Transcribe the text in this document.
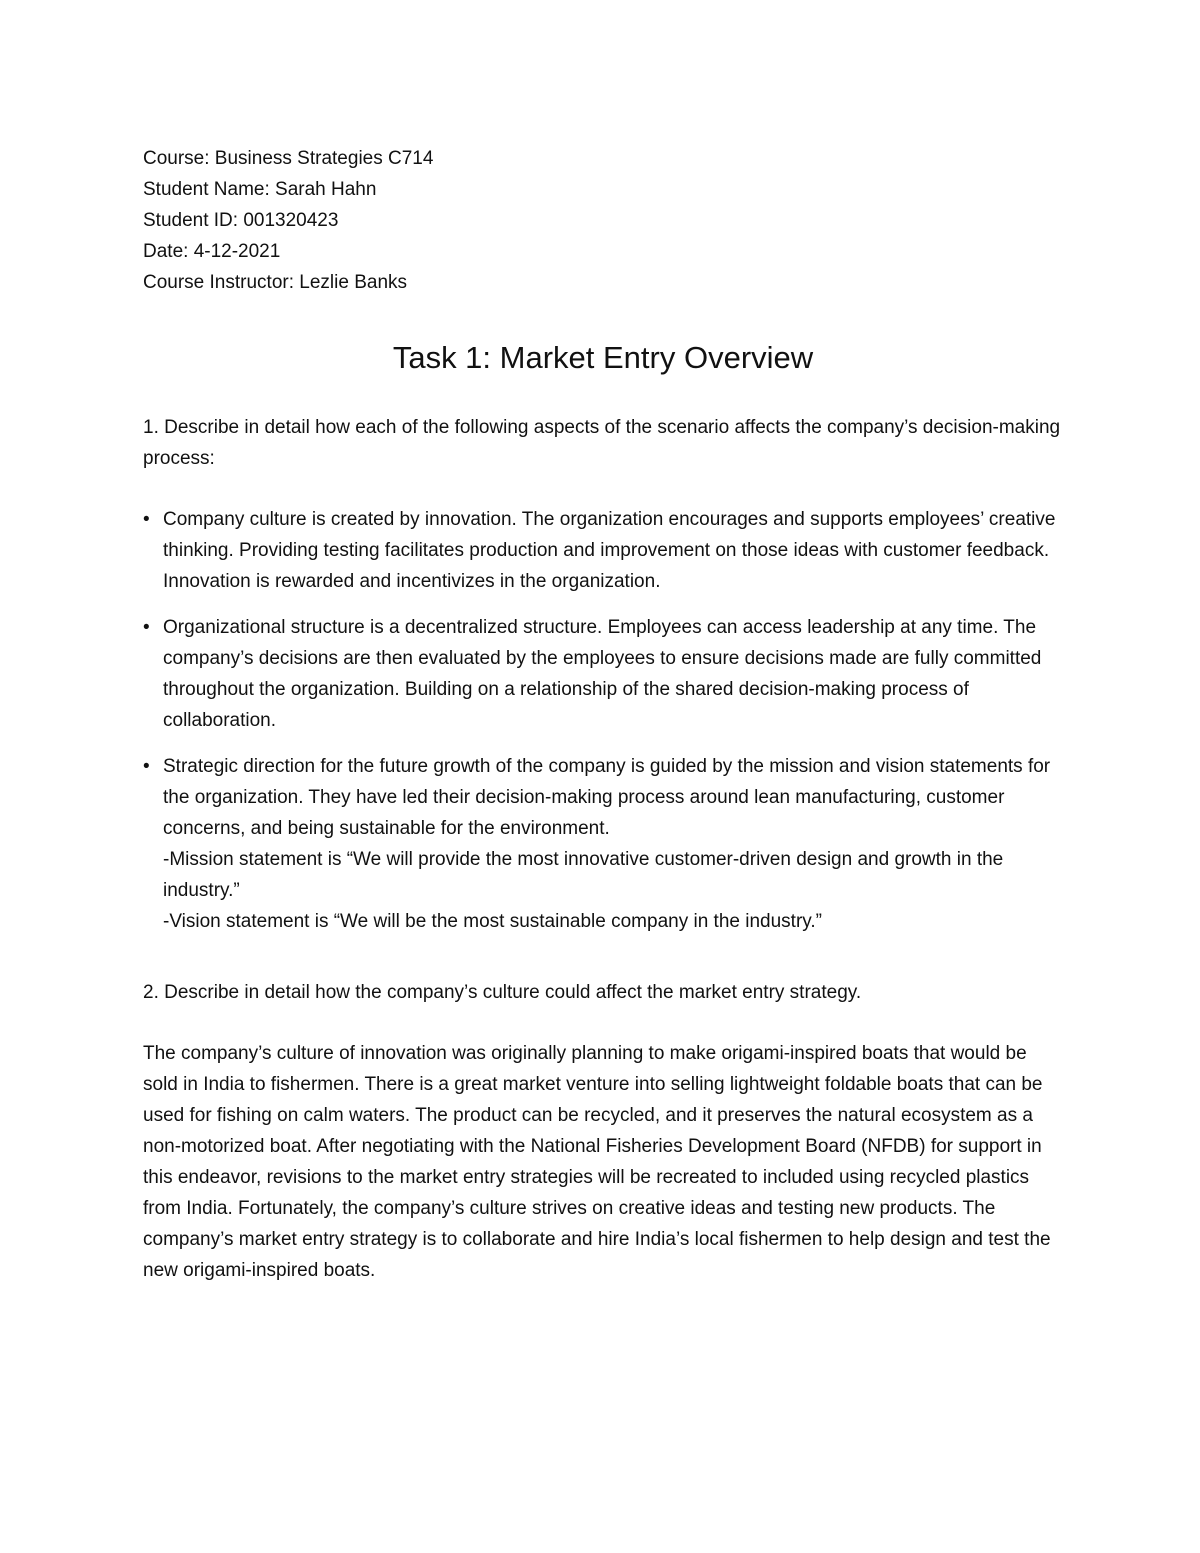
Course: Business Strategies C714

Student Name: Sarah Hahn

Student ID: 001320423

Date: 4-12-2021

Course Instructor: Lezlie Banks

Task 1: Market Entry Overview

1. Describe in detail how each of the following aspects of the scenario affects the company’s decision-making process:

• Company culture is created by innovation. The organization encourages and supports employees’ creative thinking. Providing testing facilitates production and improvement on those ideas with customer feedback. Innovation is rewarded and incentivizes in the organization.
• Organizational structure is a decentralized structure. Employees can access leadership at any time. The company’s decisions are then evaluated by the employees to ensure decisions made are fully committed throughout the organization. Building on a relationship of the shared decision-making process of collaboration.
• Strategic direction for the future growth of the company is guided by the mission and vision statements for the organization. They have led their decision-making process around lean manufacturing, customer concerns, and being sustainable for the environment.
-Mission statement is “We will provide the most innovative customer-driven design and growth in the industry.”
-Vision statement is “We will be the most sustainable company in the industry.”

2. Describe in detail how the company’s culture could affect the market entry strategy.

The company’s culture of innovation was originally planning to make origami-inspired boats that would be sold in India to fishermen. There is a great market venture into selling lightweight foldable boats that can be used for fishing on calm waters. The product can be recycled, and it preserves the natural ecosystem as a non-motorized boat. After negotiating with the National Fisheries Development Board (NFDB) for support in this endeavor, revisions to the market entry strategies will be recreated to included using recycled plastics from India. Fortunately, the company’s culture strives on creative ideas and testing new products. The company’s market entry strategy is to collaborate and hire India’s local fishermen to help design and test the new origami-inspired boats.
